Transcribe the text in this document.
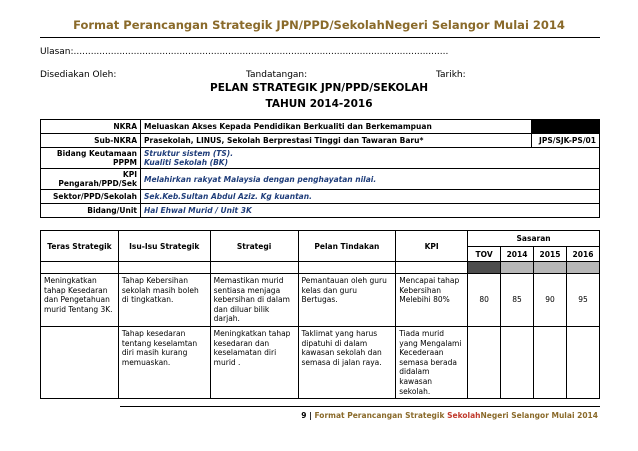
Format Perancangan Strategik JPN/PPD/SekolahNegeri Selangor Mulai 2014
Ulasan:...................................................................................................................................
Disediakan Oleh:	Tandatangan:	Tarikh:
PELAN STRATEGIK JPN/PPD/SEKOLAH
TAHUN 2014-2016
NKRA	Meluaskan Akses Kepada Pendidikan Berkualiti dan Berkemampuan	
Sub-NKRA	Prasekolah, LINUS, Sekolah Berprestasi Tinggi dan Tawaran Baru*	JPS/SJK-PS/01
Bidang Keutamaan PPPM	Struktur sistem (TS).
Kualiti Sekolah (BK)	

KPI Pengarah/PPD/Sek	Melahirkan rakyat Malaysia dengan penghayatan nilai.	
Sektor/PPD/Sekolah	Sek.Keb.Sultan Abdul Aziz. Kg kuantan.	
Bidang/Unit	Hal Ehwal Murid / Unit 3K	
Teras Strategik	Isu-Isu Strategik	Strategi	Pelan Tindakan	KPI	Sasaran			
					TOV	2014	2015	2016

Meningkatkan tahap Kesedaran dan Pengetahuan murid Tentang 3K.	Tahap Kebersihan sekolah masih boleh di tingkatkan.	Memastikan murid sentiasa menjaga kebersihan di dalam dan diluar bilik darjah.	Pemantauan oleh guru kelas dan guru Bertugas.	Mencapai tahap Kebersihan Melebihi 80%	80	85	90	95
	Tahap kesedaran tentang keselamtan diri masih kurang memuaskan.	Meningkatkan tahap kesedaran dan keselamatan diri murid .	Taklimat yang harus dipatuhi di dalam kawasan sekolah dan semasa di jalan raya.	Tiada murid yang Mengalami Kecederaan semasa berada didalam kawasan sekolah.				
9 | Format Perancangan Strategik SekolahNegeri Selangor Mulai 2014
